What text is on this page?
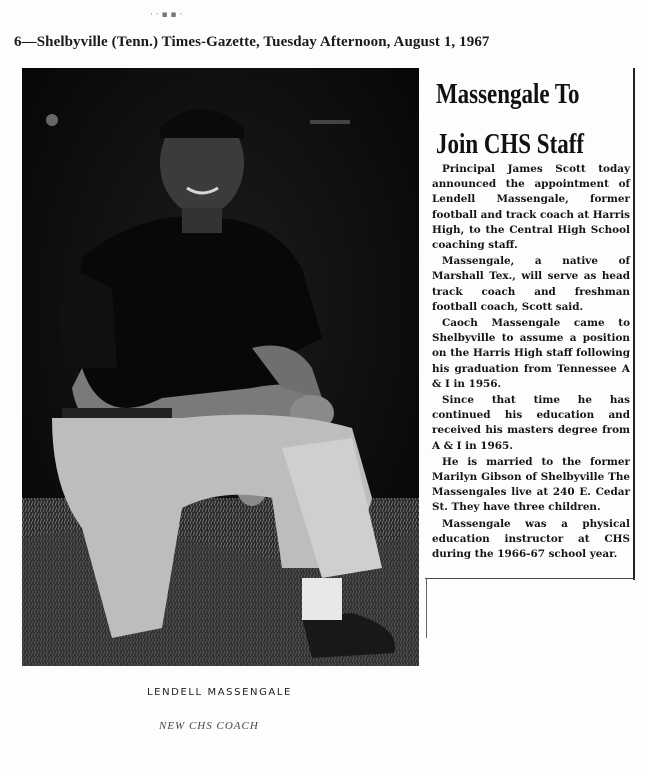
· · ▪ ▪ ·
6—Shelbyville (Tenn.) Times-Gazette, Tuesday Afternoon, August 1, 1967
Massengale To
Join CHS Staff

Principal James Scott today announced the appointment of Lendell Massengale, former football and track coach at Harris High, to the Central High School coaching staff.

Massengale, a native of Marshall Tex., will serve as head track coach and freshman football coach, Scott said.

Caoch Massengale came to Shelbyville to assume a position on the Harris High staff following his graduation from Tennessee A & I in 1956.

Since that time he has continued his education and received his masters degree from A & I in 1965.

He is married to the former Marilyn Gibson of Shelbyville The Massengales live at 240 E. Cedar St. They have three children.

Massengale was a physical education instructor at CHS during the 1966-67 school year.

LENDELL MASSENGALE
NEW CHS COACH
